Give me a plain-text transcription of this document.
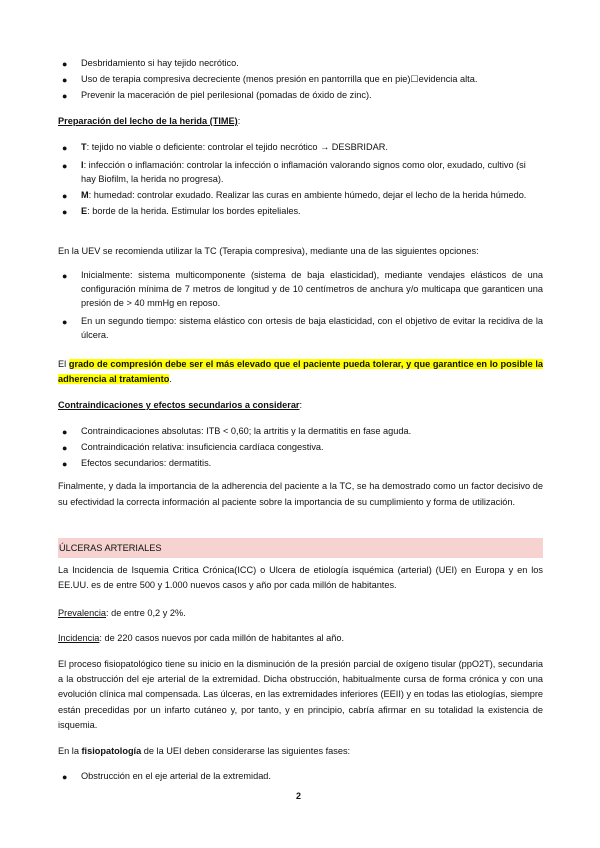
● Desbridamiento si hay tejido necrótico.
● Uso de terapia compresiva decreciente (menos presión en pantorrilla que en pie)☐evidencia alta.
● Prevenir la maceración de piel perilesional (pomadas de óxido de zinc).
Preparación del lecho de la herida (TIME):
● T: tejido no viable o deficiente: controlar el tejido necrótico → DESBRIDAR.
● I: infección o inflamación: controlar la infección o inflamación valorando signos como olor, exudado, cultivo (si hay Biofilm, la herida no progresa).
● M: humedad: controlar exudado. Realizar las curas en ambiente húmedo, dejar el lecho de la herida húmedo.
● E: borde de la herida. Estimular los bordes epiteliales.
En la UEV se recomienda utilizar la TC (Terapia compresiva), mediante una de las siguientes opciones:
● Inicialmente: sistema multicomponente (sistema de baja elasticidad), mediante vendajes elásticos de una configuración mínima de 7 metros de longitud y de 10 centímetros de anchura y/o multicapa que garanticen una presión de > 40 mmHg en reposo.
● En un segundo tiempo: sistema elástico con ortesis de baja elasticidad, con el objetivo de evitar la recidiva de la úlcera.
El grado de compresión debe ser el más elevado que el paciente pueda tolerar, y que garantice en lo posible la adherencia al tratamiento.
Contraindicaciones y efectos secundarios a considerar:
● Contraindicaciones absolutas: ITB < 0,60; la artritis y la dermatitis en fase aguda.
● Contraindicación relativa: insuficiencia cardíaca congestiva.
● Efectos secundarios: dermatitis.
Finalmente, y dada la importancia de la adherencia del paciente a la TC, se ha demostrado como un factor decisivo de su efectividad la correcta información al paciente sobre la importancia de su cumplimiento y forma de utilización.
ÚLCERAS ARTERIALES
La Incidencia de Isquemia Critica Crónica(ICC) o Ulcera de etiología isquémica (arterial) (UEI) en Europa y en los EE.UU. es de entre 500 y 1.000 nuevos casos y año por cada millón de habitantes.
Prevalencia: de entre 0,2 y 2%.
Incidencia: de 220 casos nuevos por cada millón de habitantes al año.
El proceso fisiopatológico tiene su inicio en la disminución de la presión parcial de oxígeno tisular (ppO2T), secundaria a la obstrucción del eje arterial de la extremidad. Dicha obstrucción, habitualmente cursa de forma crónica y con una evolución clínica mal compensada. Las úlceras, en las extremidades inferiores (EEII) y en todas las etiologías, siempre están precedidas por un infarto cutáneo y, por tanto, y en principio, cabría afirmar en su totalidad la existencia de isquemia.
En la fisiopatología de la UEI deben considerarse las siguientes fases:
● Obstrucción en el eje arterial de la extremidad.
2
